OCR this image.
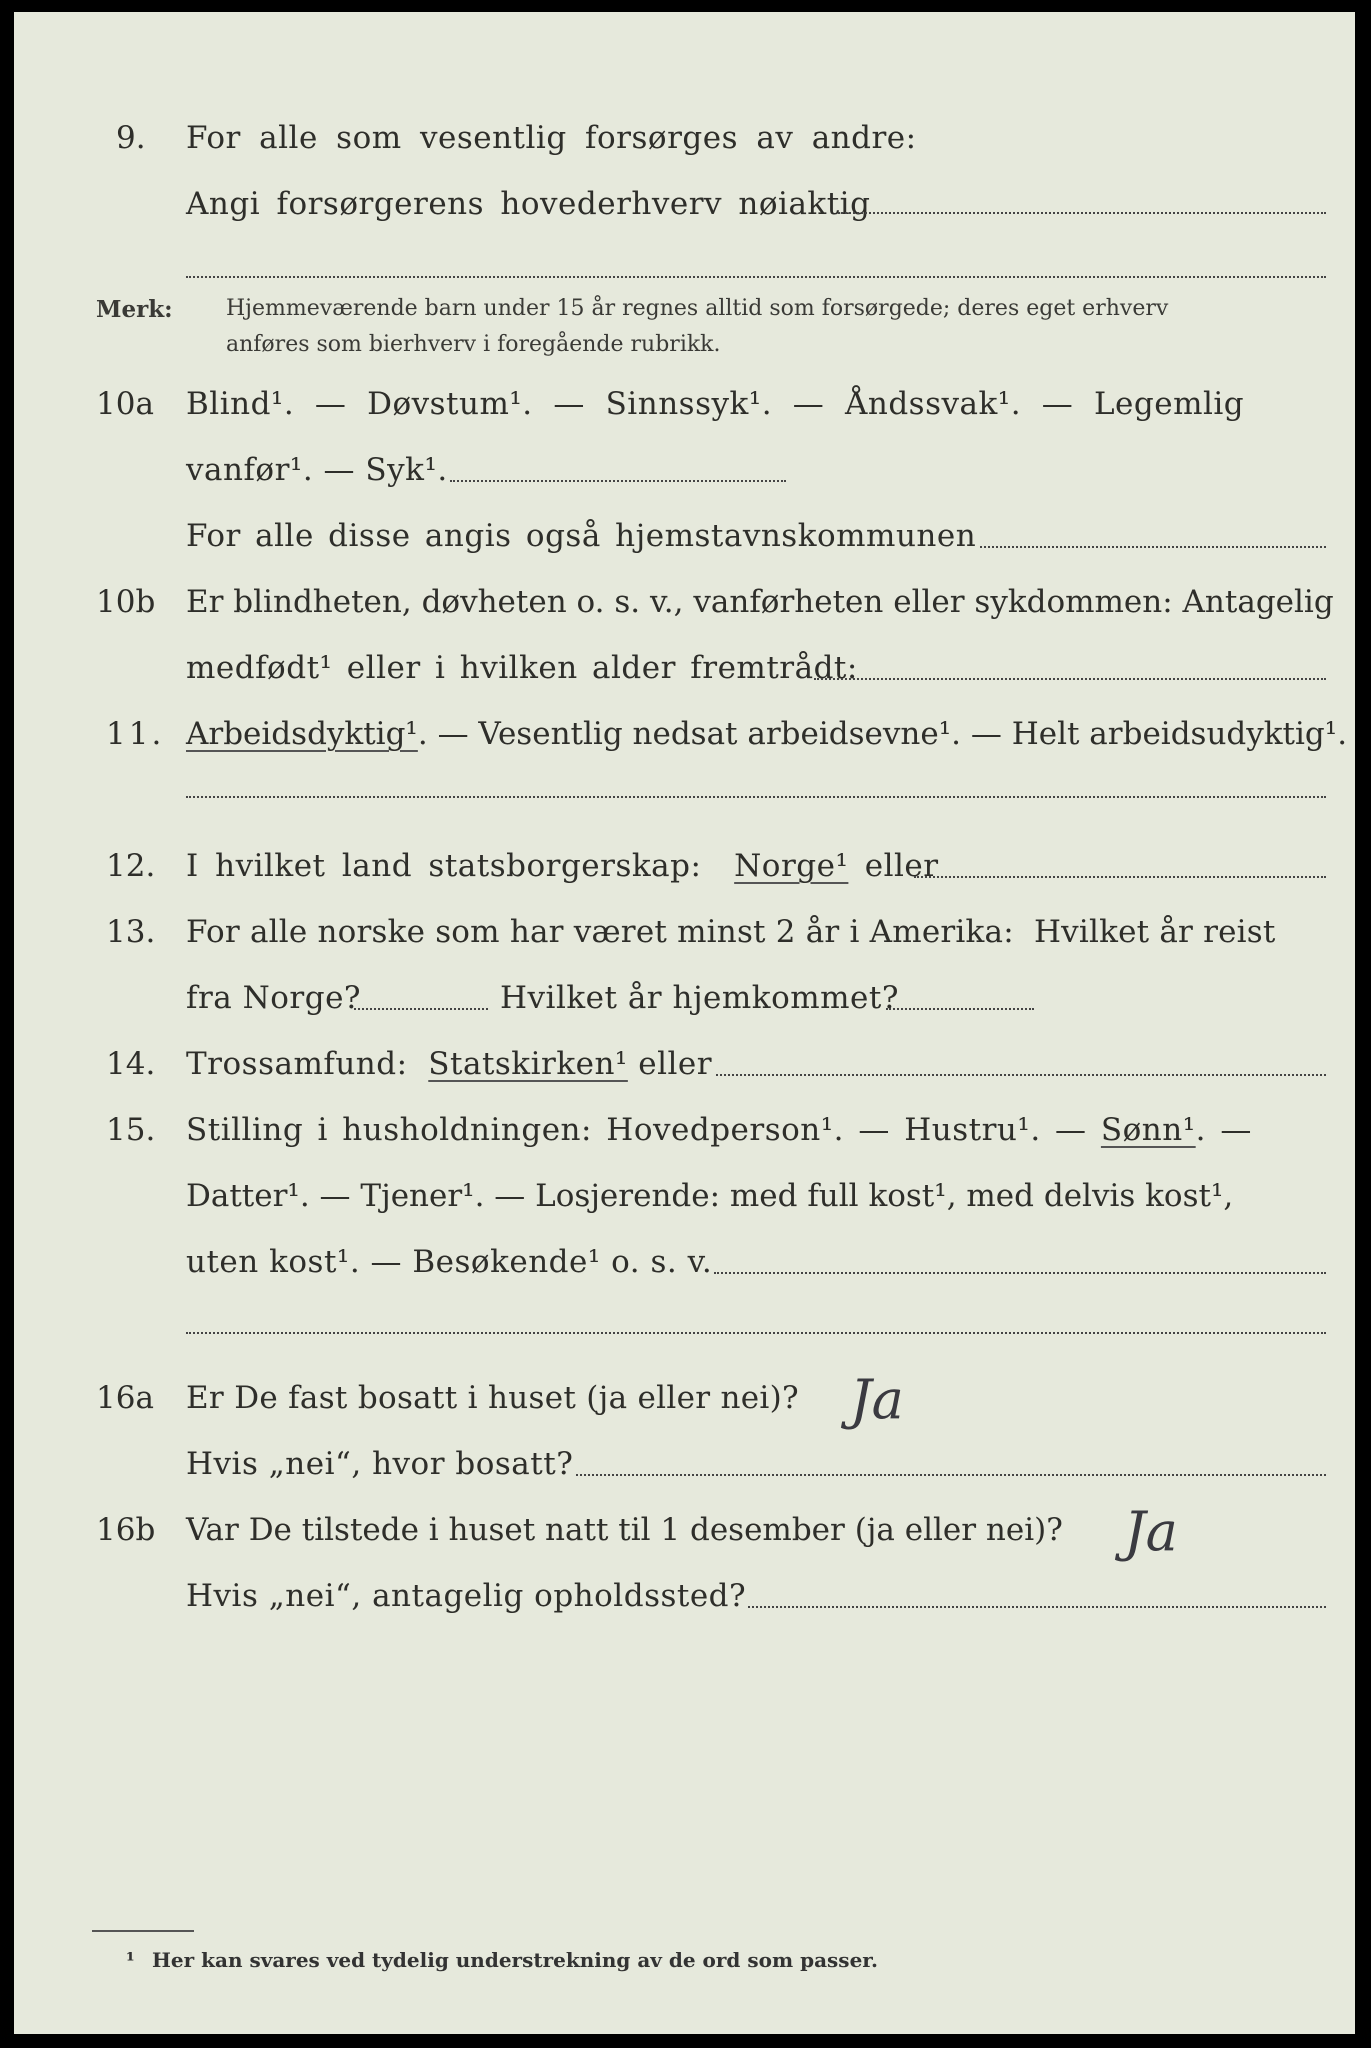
9. For alle som vesentlig forsørges av andre:
Angi forsørgerens hovederhverv nøiaktig
Merk: Hjemmeværende barn under 15 år regnes alltid som forsørgede; deres eget erhverv
anføres som bierhverv i foregående rubrikk.
10a Blind¹.  —  Døvstum¹.  —  Sinnssyk¹.  —  Åndssvak¹.  —  Legemlig
vanfør¹. — Syk¹.
For alle disse angis også hjemstavnskommunen
10b Er blindheten, døvheten o. s. v., vanførheten eller sykdommen: Antagelig
medfødt¹ eller i hvilken alder fremtrådt:
11. Arbeidsdyktig¹. — Vesentlig nedsat arbeidsevne¹. — Helt arbeidsudyktig¹.
12. I hvilket land statsborgerskap: Norge¹ eller
13. For alle norske som har været minst 2 år i Amerika:  Hvilket år reist
fra Norge?	Hvilket år hjemkommet?
14. Trossamfund: Statskirken¹ eller
15. Stilling i husholdningen: Hovedperson¹. — Hustru¹. — Sønn¹. —
Datter¹. — Tjener¹. — Losjerende: med full kost¹, med delvis kost¹,
uten kost¹. — Besøkende¹ o. s. v.
16a Er De fast bosatt i huset (ja eller nei)? Ja
Hvis „nei“, hvor bosatt?
16b Var De tilstede i huset natt til 1 desember (ja eller nei)? Ja
Hvis „nei“, antagelig opholdssted?
¹ Her kan svares ved tydelig understrekning av de ord som passer.
